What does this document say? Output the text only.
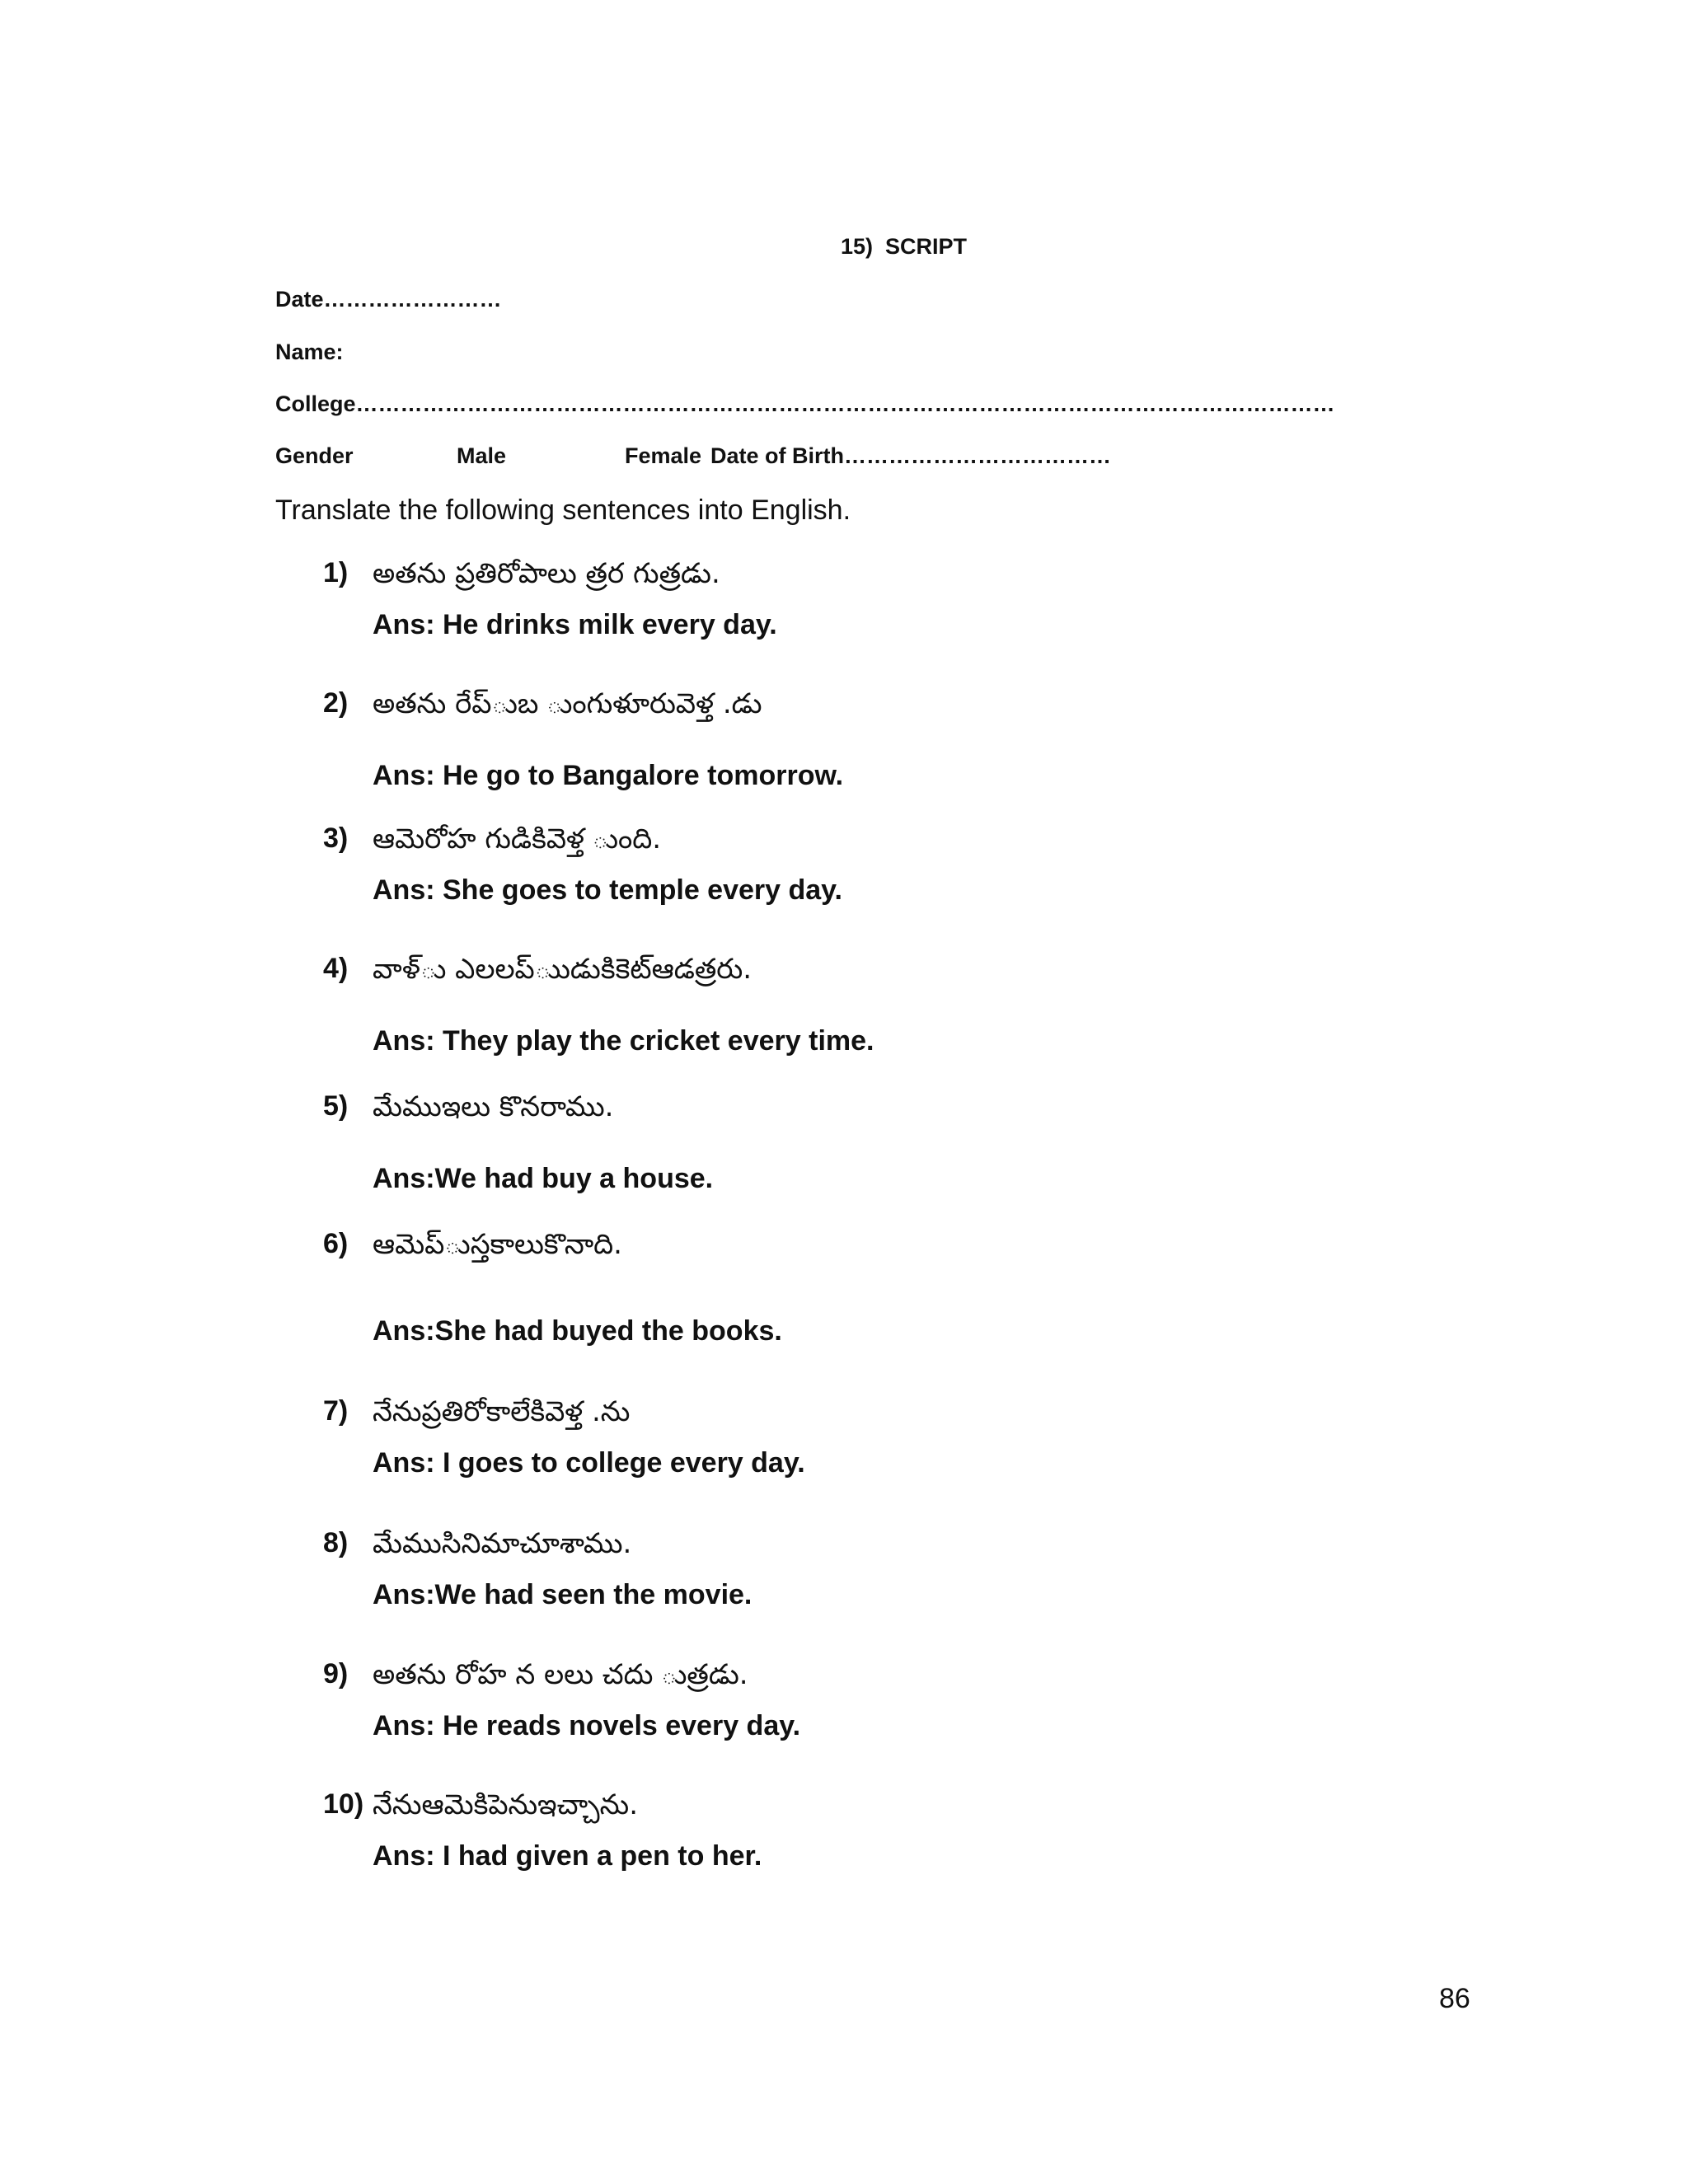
15)  SCRIPT
Date……………………
Name:
College……………………………………………………………………………………………………………………
Gender	Male	Female Date of Birth………………………………
Translate the following sentences into English.
1) అతను ప్రతిరోపాలు త్రర గుత్రడు.
Ans: He drinks milk every day.
2) అతను రేప్ుబ ుంగుళూరువెళ్త .డు
Ans: He go to Bangalore tomorrow.
3) ఆమెరోహ గుడికివెళ్త ుంది.
Ans: She goes to temple every day.
4) వాళ్ు ఎలలప్ుుడుకికెట్ఆడత్రరు.
Ans: They play the cricket every time.
5) మేముఇలు కొనరాము.
Ans:We had buy a house.
6) ఆమెప్ుస్తకాలుకొనాది.
Ans:She had buyed the books.
7) నేనుప్రతిరోకాలేకివెళ్త .ను
Ans: I goes to college every day.
8) మేముసినిమాచూశాము.
Ans:We had seen the movie.
9) అతను రోహ న లలు చదు ుత్రడు.
Ans: He reads novels every day.
10) నేనుఆమెకిపెనుఇచ్చాను.
Ans: I had given a pen to her.
86
